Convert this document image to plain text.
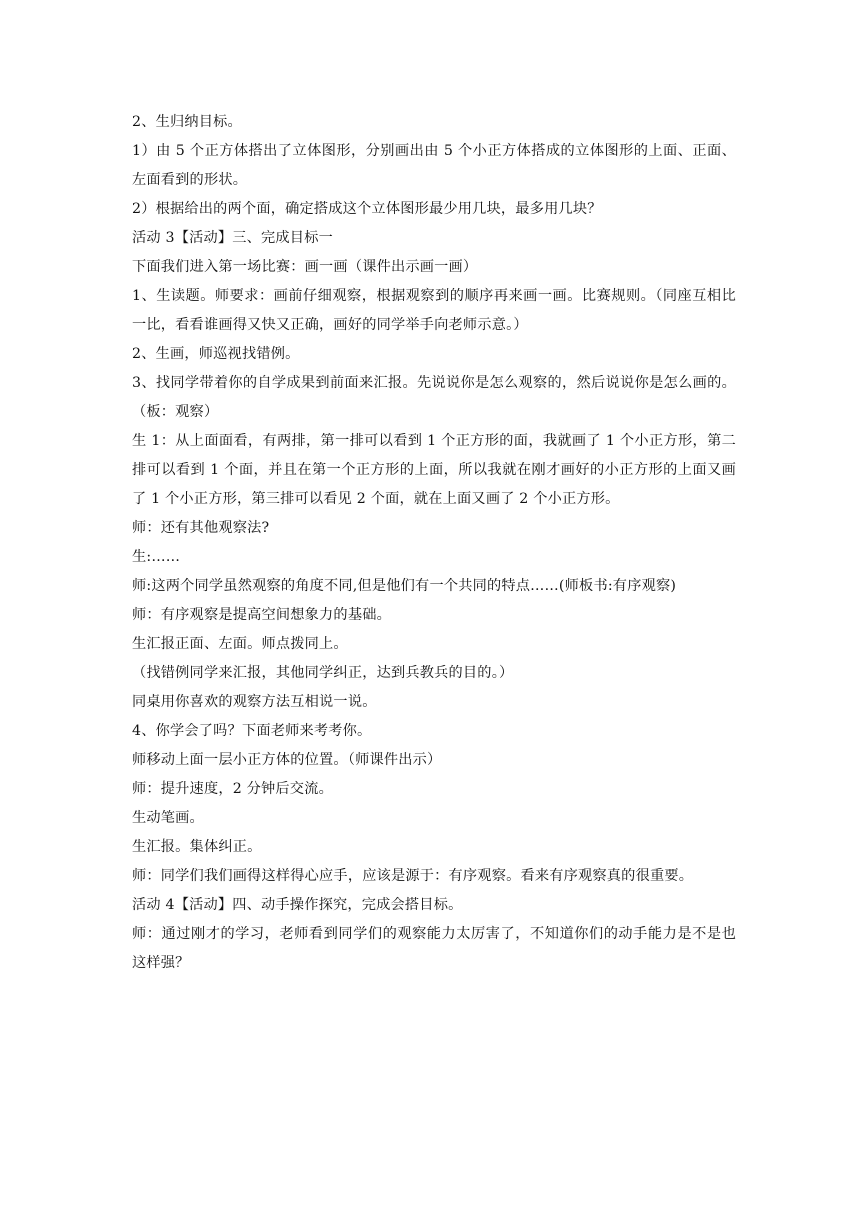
2、生归纳目标。

1）由 5 个正方体搭出了立体图形，分别画出由 5 个小正方体搭成的立体图形的上面、正面、左面看到的形状。

2）根据给出的两个面，确定搭成这个立体图形最少用几块，最多用几块？

活动 3【活动】三、完成目标一

下面我们进入第一场比赛：画一画（课件出示画一画）

1、生读题。师要求：画前仔细观察，根据观察到的顺序再来画一画。比赛规则。（同座互相比一比，看看谁画得又快又正确，画好的同学举手向老师示意。）

2、生画，师巡视找错例。

3、找同学带着你的自学成果到前面来汇报。先说说你是怎么观察的，然后说说你是怎么画的。（板：观察）

生 1：从上面面看，有两排，第一排可以看到 1 个正方形的面，我就画了 1 个小正方形，第二排可以看到 1 个面，并且在第一个正方形的上面，所以我就在刚才画好的小正方形的上面又画了 1 个小正方形，第三排可以看见 2 个面，就在上面又画了 2 个小正方形。

师：还有其他观察法?

生:……

师:这两个同学虽然观察的角度不同,但是他们有一个共同的特点……(师板书:有序观察)

师：有序观察是提高空间想象力的基础。

生汇报正面、左面。师点拨同上。

（找错例同学来汇报，其他同学纠正，达到兵教兵的目的。）

同桌用你喜欢的观察方法互相说一说。

4、你学会了吗？下面老师来考考你。

师移动上面一层小正方体的位置。（师课件出示）

师：提升速度，2 分钟后交流。

生动笔画。

生汇报。集体纠正。

师：同学们我们画得这样得心应手，应该是源于：有序观察。看来有序观察真的很重要。

活动 4【活动】四、动手操作探究，完成会搭目标。

师：通过刚才的学习，老师看到同学们的观察能力太厉害了，不知道你们的动手能力是不是也这样强？
